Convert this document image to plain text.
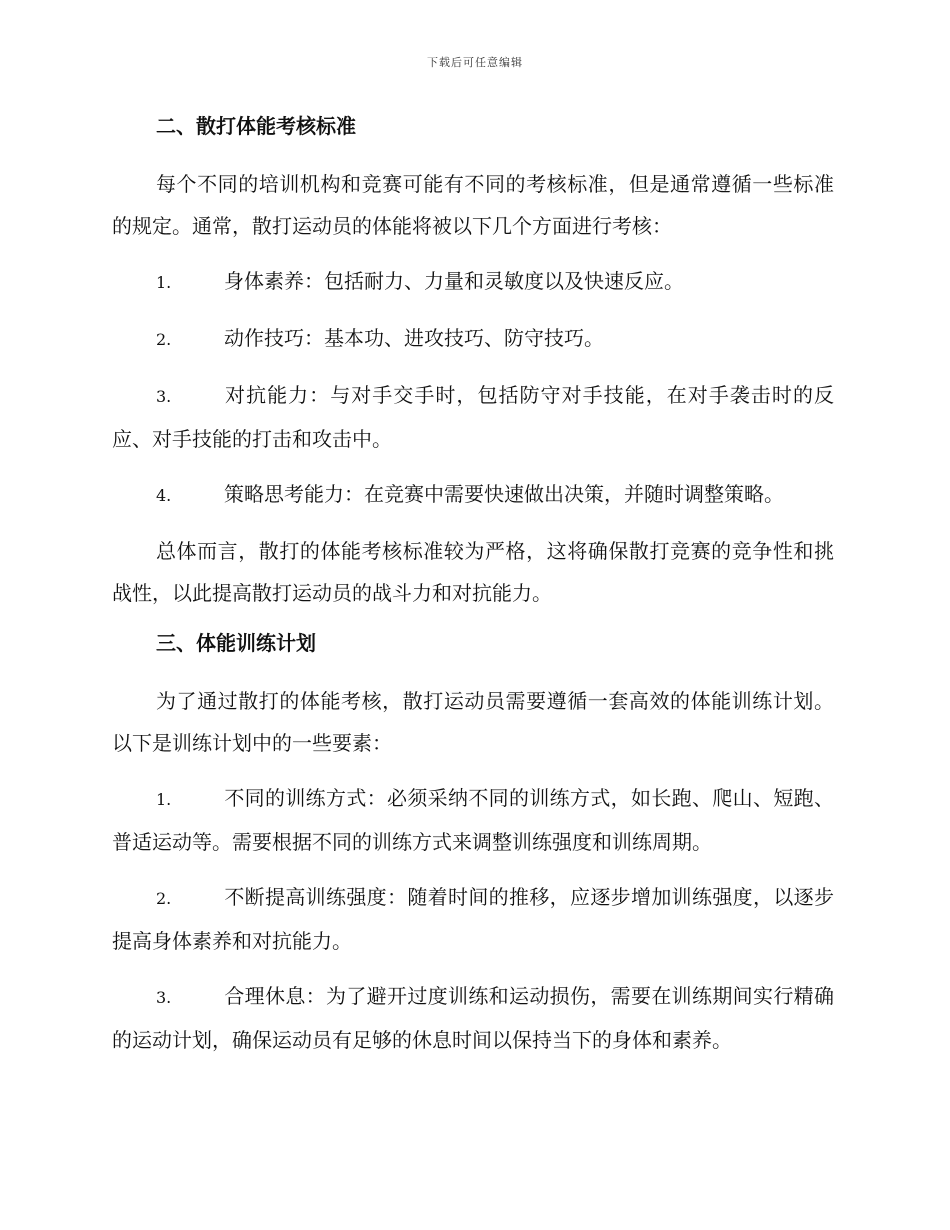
下载后可任意编辑
二、散打体能考核标准

每个不同的培训机构和竞赛可能有不同的考核标准，但是通常遵循一些标准的规定。通常，散打运动员的体能将被以下几个方面进行考核：

1.	身体素养：包括耐力、力量和灵敏度以及快速反应。

2.	动作技巧：基本功、进攻技巧、防守技巧。

3.	对抗能力：与对手交手时，包括防守对手技能，在对手袭击时的反应、对手技能的打击和攻击中。

4.	策略思考能力：在竞赛中需要快速做出决策，并随时调整策略。

总体而言，散打的体能考核标准较为严格，这将确保散打竞赛的竞争性和挑战性，以此提高散打运动员的战斗力和对抗能力。

三、体能训练计划

为了通过散打的体能考核，散打运动员需要遵循一套高效的体能训练计划。以下是训练计划中的一些要素：

1.	不同的训练方式：必须采纳不同的训练方式，如长跑、爬山、短跑、普适运动等。需要根据不同的训练方式来调整训练强度和训练周期。

2.	不断提高训练强度：随着时间的推移，应逐步增加训练强度，以逐步提高身体素养和对抗能力。

3.	合理休息：为了避开过度训练和运动损伤，需要在训练期间实行精确的运动计划，确保运动员有足够的休息时间以保持当下的身体和素养。
